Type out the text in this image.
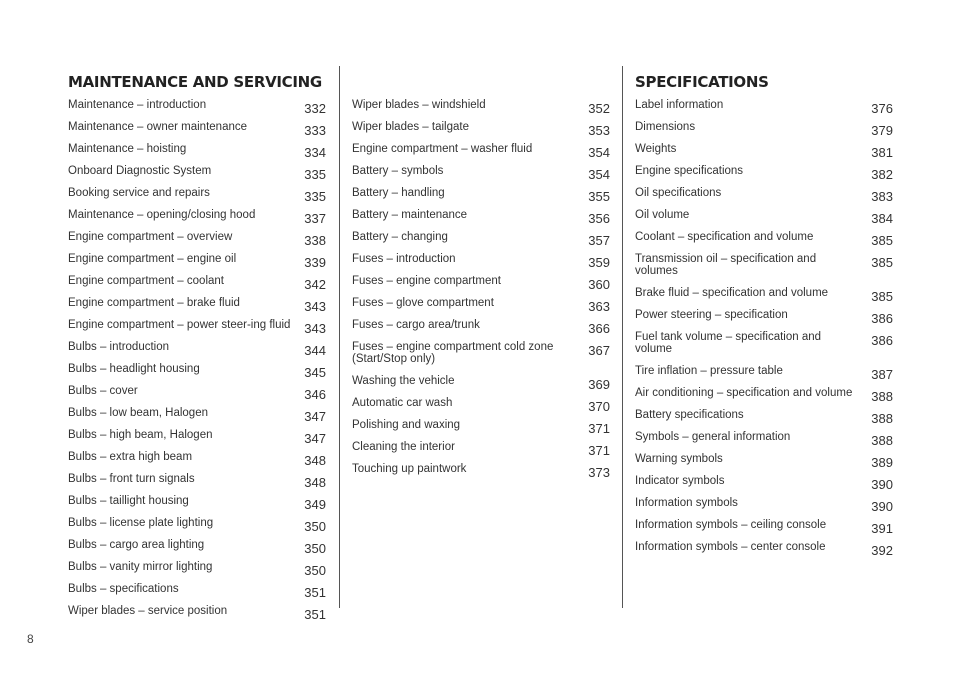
MAINTENANCE AND SERVICING
Maintenance – introduction	332
Maintenance – owner maintenance	333
Maintenance – hoisting	334
Onboard Diagnostic System	335
Booking service and repairs	335
Maintenance – opening/closing hood	337
Engine compartment – overview	338
Engine compartment – engine oil	339
Engine compartment – coolant	342
Engine compartment – brake fluid	343
Engine compartment – power steer-ing fluid	343
Bulbs – introduction	344
Bulbs – headlight housing	345
Bulbs – cover	346
Bulbs – low beam, Halogen	347
Bulbs – high beam, Halogen	347
Bulbs – extra high beam	348
Bulbs – front turn signals	348
Bulbs – taillight housing	349
Bulbs – license plate lighting	350
Bulbs – cargo area lighting	350
Bulbs – vanity mirror lighting	350
Bulbs – specifications	351
Wiper blades – service position	351
Wiper blades – windshield	352
Wiper blades – tailgate	353
Engine compartment – washer fluid	354
Battery – symbols	354
Battery – handling	355
Battery – maintenance	356
Battery – changing	357
Fuses – introduction	359
Fuses – engine compartment	360
Fuses – glove compartment	363
Fuses – cargo area/trunk	366
Fuses – engine compartment cold zone (Start/Stop only)
367
Washing the vehicle	369
Automatic car wash	370
Polishing and waxing	371
Cleaning the interior	371
Touching up paintwork	373
SPECIFICATIONS
Label information	376
Dimensions	379
Weights	381
Engine specifications	382
Oil specifications	383
Oil volume	384
Coolant – specification and volume	385
Transmission oil – specification and volumes
385
Brake fluid – specification and volume	385
Power steering – specification	386
Fuel tank volume – specification and volume
386
Tire inflation – pressure table	387
Air conditioning – specification and volume	388
Battery specifications	388
Symbols – general information	388
Warning symbols	389
Indicator symbols	390
Information symbols	390
Information symbols – ceiling console	391
Information symbols – center console	392
8
